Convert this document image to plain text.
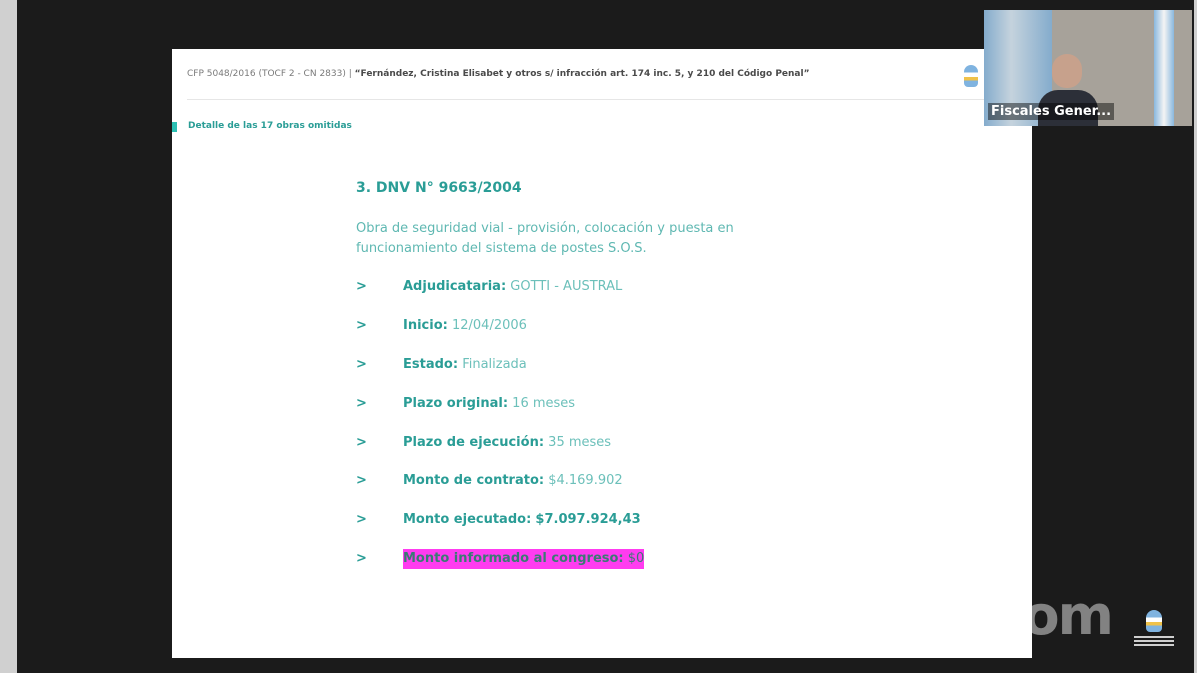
CFP 5048/2016 (TOCF 2 - CN 2833) | “Fernández, Cristina Elisabet y otros s/ infracción art. 174 inc. 5, y 210 del Código Penal”
Detalle de las 17 obras omitidas
3. DNV N° 9663/2004
Obra de seguridad vial - provisión, colocación y puesta en funcionamiento del sistema de postes S.O.S.
>	Adjudicataria: GOTTI - AUSTRAL
>	Inicio: 12/04/2006
>	Estado: Finalizada
>	Plazo original: 16 meses
>	Plazo de ejecución: 35 meses
>	Monto de contrato: $4.169.902
>	Monto ejecutado: $7.097.924,43
>	Monto informado al congreso: $0
zoom
Fiscales Gener...
